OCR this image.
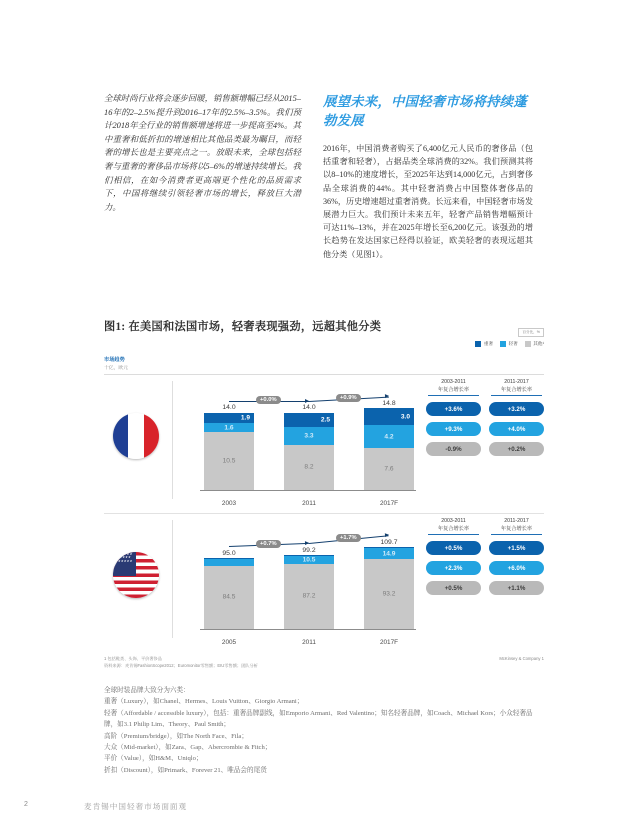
全球时尚行业将会逐步回暖，销售额增幅已经从2015–16年的2–2.5%提升到2016–17年的2.5%–3.5%。我们预计2018年全行业的销售额增速将进一步提高至4%。其中重奢和低折扣的增速相比其他品类最为瞩目，而轻奢的增长也是主要亮点之一。放眼未来，全球包括轻奢与重奢的奢侈品市场将以5–6%的增速持续增长。我们相信，在如今消费者更高端更个性化的品质需求下，中国将继续引领轻奢市场的增长，释放巨大潜力。

展望未来，中国轻奢市场将持续蓬勃发展

2016年，中国消费者购买了6,400亿元人民币的奢侈品（包括重奢和轻奢），占据品类全球消费的32%。我们预测其将以8–10%的速度增长，至2025年达到14,000亿元，占到奢侈品全球消费的44%。其中轻奢消费占中国整体奢侈品的36%，历史增速超过重奢消费。长远来看，中国轻奢市场发展潜力巨大。我们预计未来五年，轻奢产品销售增幅预计可达11%–13%，并在2025年增长至6,200亿元。该强劲的增长趋势在发达国家已经得以验证，欧美轻奢的表现远超其他分类（见图1）。

图1: 在美国和法国市场，轻奢表现强劲，远超其他分类	百分比，%
重奢	轻奢	其他¹
市场趋势
十亿，欧元
1.9
1.6
10.5
14.0
2003
2.5
3.3
8.2
14.0
2011
3.0
4.2
7.6
14.8
2017F
+0.0%	+0.9%
2003-2011
年复合增长率
2011-2017
年复合增长率
+3.6%	+3.2%
+9.3%	+4.0%
-0.9%	+0.2%
★★★★★
★★★★
★★★★★
84.5
95.0
2005
10.5
87.2
99.2
2011
14.9
93.2
109.7
2017F
+0.7%
+1.7%
2003-2011
年复合增长率
2011-2017
年复合增长率
+0.5%	+1.5%
+2.3%	+6.0%
+0.5%	+1.1%
1 包括鞋类、头饰、平价奢侈品
资料来源：麦肯锡FashionScope2012；Euromonitor零售额；EIU零售额；团队分析
McKinsey & Company 1
全球时装品牌大致分为六类：
重奢（Luxury），如Chanel、Hermes、Louis Vuitton、Giorgio Armani；
轻奢（Affordable / accessible luxury），包括：重奢品牌副线，如Emporio Armani、Red Valentino；知名轻奢品牌，如Coach、Michael Kors；小众轻奢品牌，如3.1 Philip Lim、Theory、Paul Smith；
高阶（Premium/bridge），如The North Face、Fila；
大众（Mid-market），如Zara、Gap、Abercrombie & Fitch；
平价（Value），如H&M、Uniqlo；
折扣（Discount），如Primark、Forever 21、唯品会的尾货
2	麦肯锡中国轻奢市场面面观
